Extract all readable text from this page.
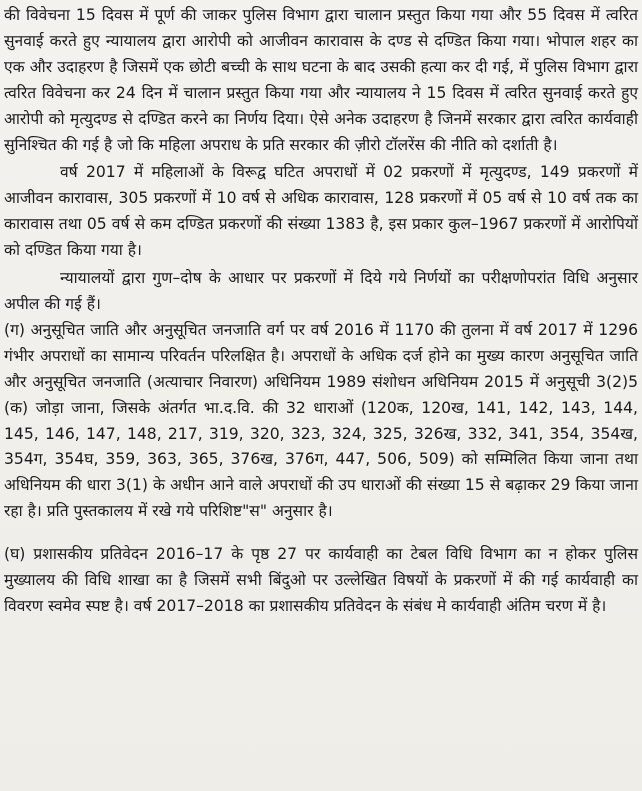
की विवेचना 15 दिवस में पूर्ण की जाकर पुलिस विभाग द्वारा चालान प्रस्तुत किया गया और 55 दिवस में त्वरित सुनवाई करते हुए न्यायालय द्वारा आरोपी को आजीवन कारावास के दण्ड से दण्डित किया गया। भोपाल शहर का एक और उदाहरण है जिसमें एक छोटी बच्ची के साथ घटना के बाद उसकी हत्या कर दी गई, में पुलिस विभाग द्वारा त्वरित विवेचना कर 24 दिन में चालान प्रस्तुत किया गया और न्यायालय ने 15 दिवस में त्वरित सुनवाई करते हुए आरोपी को मृत्युदण्ड से दण्डित करने का निर्णय दिया। ऐसे अनेक उदाहरण है जिनमें सरकार द्वारा त्वरित कार्यवाही सुनिश्चित की गई है जो कि महिला अपराध के प्रति सरकार की ज़ीरो टॉलरेंस की नीति को दर्शाती है।

वर्ष 2017 में महिलाओं के विरूद्व घटित अपराधों में 02 प्रकरणों में मृत्युदण्ड, 149 प्रकरणों में आजीवन कारावास, 305 प्रकरणों में 10 वर्ष से अधिक कारावास, 128 प्रकरणों में 05 वर्ष से 10 वर्ष तक का कारावास तथा 05 वर्ष से कम दण्डित प्रकरणों की संख्या 1383 है, इस प्रकार कुल–1967 प्रकरणों में आरोपियों को दण्डित किया गया है।

न्यायालयों द्वारा गुण–दोष के आधार पर प्रकरणों में दिये गये निर्णयों का परीक्षणोपरांत विधि अनुसार अपील की गई हैं।

(ग) अनुसूचित जाति और अनुसूचित जनजाति वर्ग पर वर्ष 2016 में 1170 की तुलना में वर्ष 2017 में 1296 गंभीर अपराधों का सामान्य परिवर्तन परिलक्षित है। अपराधों के अधिक दर्ज होने का मुख्य कारण अनुसूचित जाति और अनुसूचित जनजाति (अत्याचार निवारण) अधिनियम 1989 संशोधन अधिनियम 2015 में अनुसूची 3(2)5 (क) जोड़ा जाना, जिसके अंतर्गत भा.द.वि. की 32 धाराओं (120क, 120ख, 141, 142, 143, 144, 145, 146, 147, 148, 217, 319, 320, 323, 324, 325, 326ख, 332, 341, 354, 354ख, 354ग, 354घ, 359, 363, 365, 376ख, 376ग, 447, 506, 509) को सम्मिलित किया जाना तथा अधिनियम की धारा 3(1) के अधीन आने वाले अपराधों की उप धाराओं की संख्या 15 से बढ़ाकर 29 किया जाना रहा है। प्रति पुस्तकालय में रखे गये परिशिष्ट"स" अनुसार है।

(घ) प्रशासकीय प्रतिवेदन 2016–17 के पृष्ठ 27 पर कार्यवाही का टेबल विधि विभाग का न होकर पुलिस मुख्यालय की विधि शाखा का है जिसमें सभी बिंदुओ पर उल्लेखित विषयों के प्रकरणों में की गई कार्यवाही का विवरण स्वमेव स्पष्ट है। वर्ष 2017–2018 का प्रशासकीय प्रतिवेदन के संबंध मे कार्यवाही अंतिम चरण में है।
